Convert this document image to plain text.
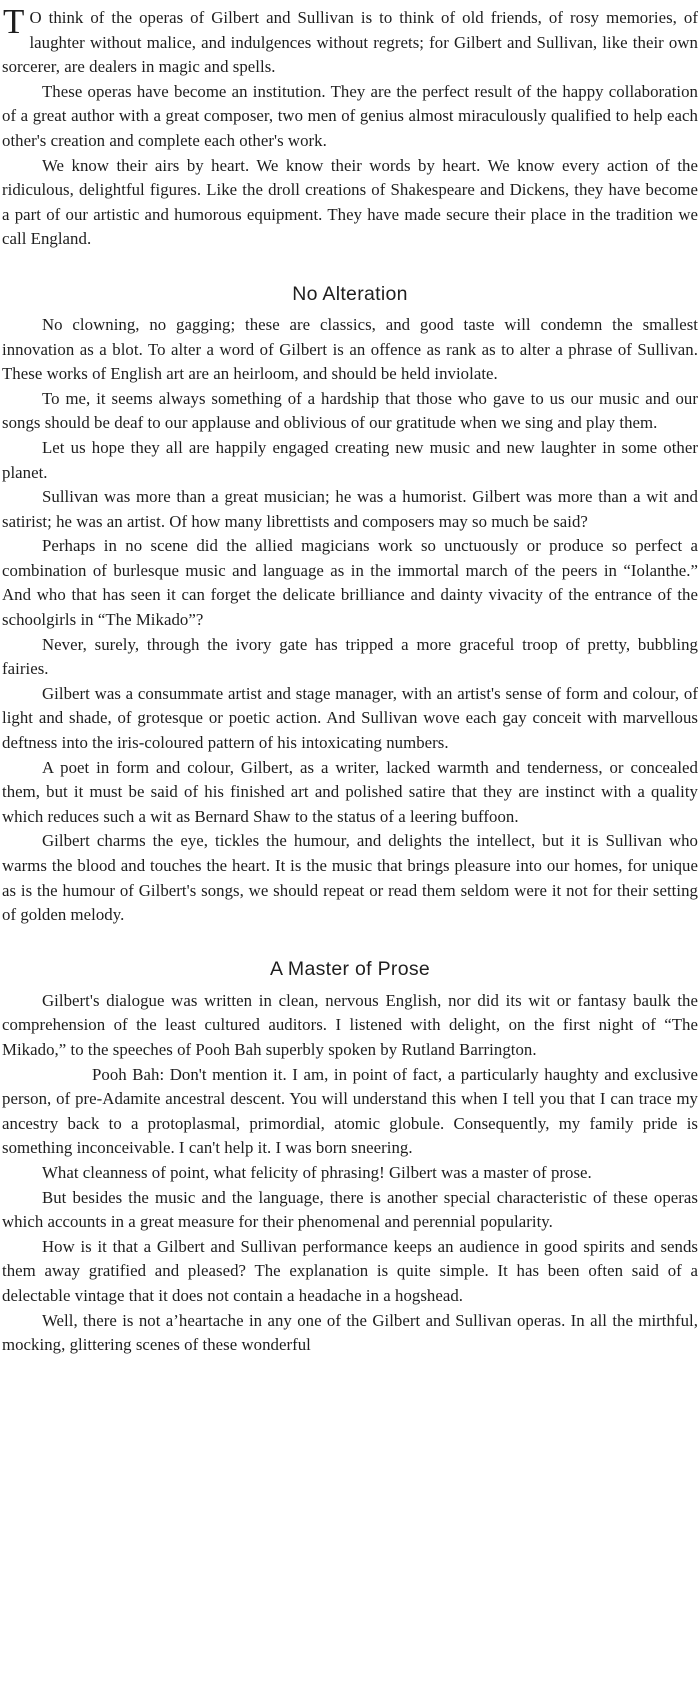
T O think of the operas of Gilbert and Sullivan is to think of old friends, of rosy memories, of laughter without malice, and indulgences without regrets; for Gilbert and Sullivan, like their own sorcerer, are dealers in magic and spells.

These operas have become an institution. They are the perfect result of the happy collaboration of a great author with a great composer, two men of genius almost miraculously qualified to help each other's creation and complete each other's work.

We know their airs by heart. We know their words by heart. We know every action of the ridiculous, delightful figures. Like the droll creations of Shakespeare and Dickens, they have become a part of our artistic and humorous equipment. They have made secure their place in the tradition we call England.

No Alteration

No clowning, no gagging; these are classics, and good taste will condemn the smallest innovation as a blot. To alter a word of Gilbert is an offence as rank as to alter a phrase of Sullivan. These works of English art are an heirloom, and should be held inviolate.

To me, it seems always something of a hardship that those who gave to us our music and our songs should be deaf to our applause and oblivious of our gratitude when we sing and play them.

Let us hope they all are happily engaged creating new music and new laughter in some other planet.

Sullivan was more than a great musician; he was a humorist. Gilbert was more than a wit and satirist; he was an artist. Of how many librettists and composers may so much be said?

Perhaps in no scene did the allied magicians work so unctuously or produce so perfect a combination of burlesque music and language as in the immortal march of the peers in “Iolanthe.” And who that has seen it can forget the delicate brilliance and dainty vivacity of the entrance of the schoolgirls in “The Mikado”?

Never, surely, through the ivory gate has tripped a more graceful troop of pretty, bubbling fairies.

Gilbert was a consummate artist and stage manager, with an artist's sense of form and colour, of light and shade, of grotesque or poetic action. And Sullivan wove each gay conceit with marvellous deftness into the iris-coloured pattern of his intoxicating numbers.

A poet in form and colour, Gilbert, as a writer, lacked warmth and tenderness, or concealed them, but it must be said of his finished art and polished satire that they are instinct with a quality which reduces such a wit as Bernard Shaw to the status of a leering buffoon.

Gilbert charms the eye, tickles the humour, and delights the intellect, but it is Sullivan who warms the blood and touches the heart. It is the music that brings pleasure into our homes, for unique as is the humour of Gilbert's songs, we should repeat or read them seldom were it not for their setting of golden melody.

A Master of Prose

Gilbert's dialogue was written in clean, nervous English, nor did its wit or fantasy baulk the comprehension of the least cultured auditors. I listened with delight, on the first night of “The Mikado,” to the speeches of Pooh Bah superbly spoken by Rutland Barrington.

Pooh Bah: Don't mention it. I am, in point of fact, a particularly haughty and exclusive person, of pre-Adamite ancestral descent. You will understand this when I tell you that I can trace my ancestry back to a protoplasmal, primordial, atomic globule. Consequently, my family pride is something inconceivable. I can't help it. I was born sneering.

What cleanness of point, what felicity of phrasing! Gilbert was a master of prose.

But besides the music and the language, there is another special characteristic of these operas which accounts in a great measure for their phenomenal and perennial popularity.

How is it that a Gilbert and Sullivan performance keeps an audience in good spirits and sends them away gratified and pleased? The explanation is quite simple. It has been often said of a delectable vintage that it does not contain a headache in a hogshead.

Well, there is not a’heartache in any one of the Gilbert and Sullivan operas. In all the mirthful, mocking, glittering scenes of these wonderful
